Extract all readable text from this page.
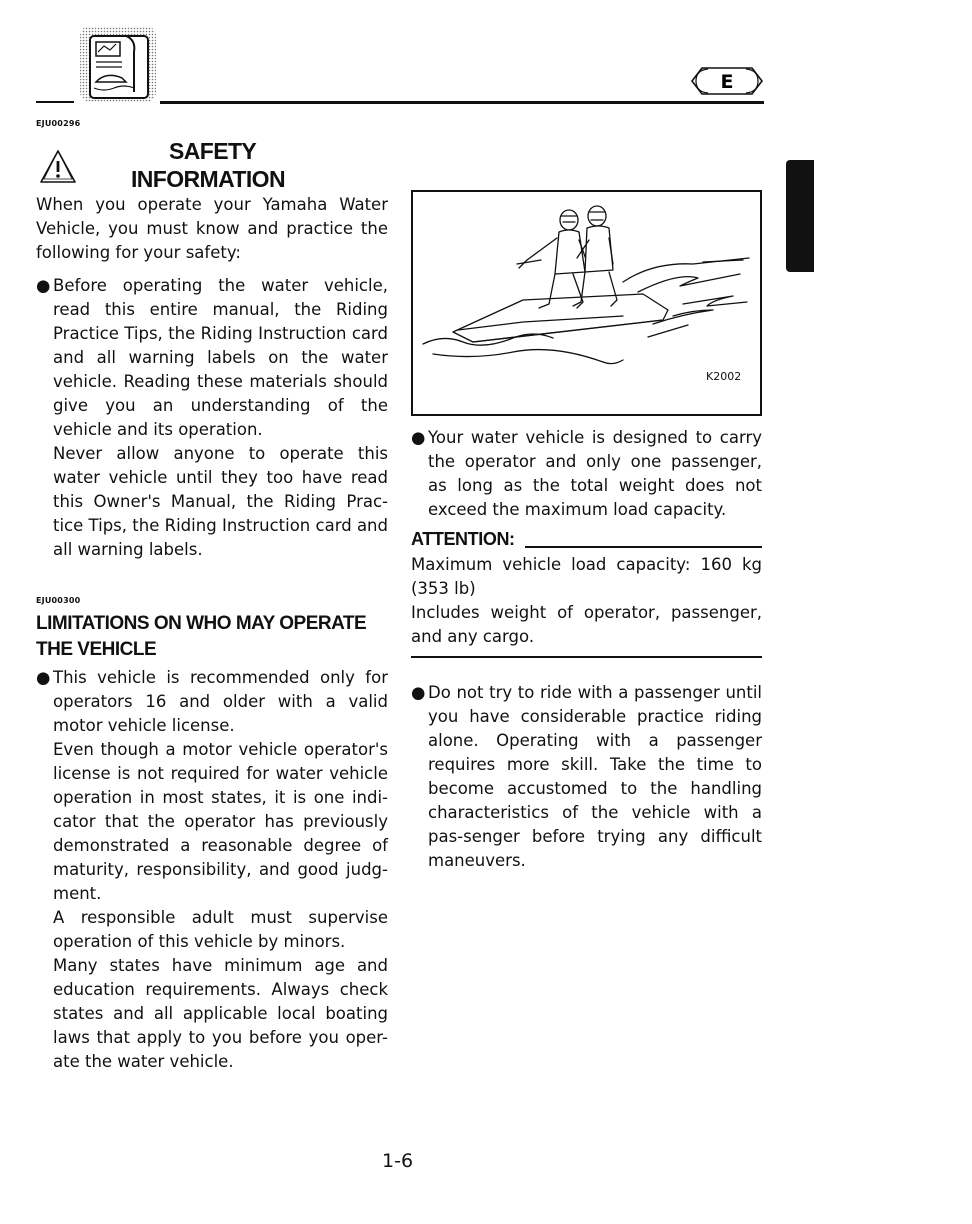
E
EJU00296
SAFETY
INFORMATION
When you operate your Yamaha Water Vehicle, you must know and practice the following for your safety:
● Before operating the water vehicle, read this entire manual, the Riding Practice Tips, the Riding Instruction card and all warning labels on the water vehicle. Reading these materials should give you an understanding of the vehicle and its operation.

Never allow anyone to operate this water vehicle until they too have read this Owner's Manual, the Riding Prac-tice Tips, the Riding Instruction card and all warning labels.

EJU00300
LIMITATIONS ON WHO MAY OPERATE THE VEHICLE
● This vehicle is recommended only for operators 16 and older with a valid motor vehicle license.

Even though a motor vehicle operator's license is not required for water vehicle operation in most states, it is one indi-cator that the operator has previously demonstrated a reasonable degree of maturity, responsibility, and good judg-ment.

A responsible adult must supervise operation of this vehicle by minors.

Many states have minimum age and education requirements. Always check states and all applicable local boating laws that apply to you before you oper-ate the water vehicle.

K2002
● Your water vehicle is designed to carry the operator and only one passenger, as long as the total weight does not exceed the maximum load capacity.

ATTENTION:

Maximum vehicle load capacity: 160 kg (353 lb)

Includes weight of operator, passenger, and any cargo.

● Do not try to ride with a passenger until you have considerable practice riding alone. Operating with a passenger requires more skill. Take the time to become accustomed to the handling characteristics of the vehicle with a pas-senger before trying any difficult maneuvers.

1-6
